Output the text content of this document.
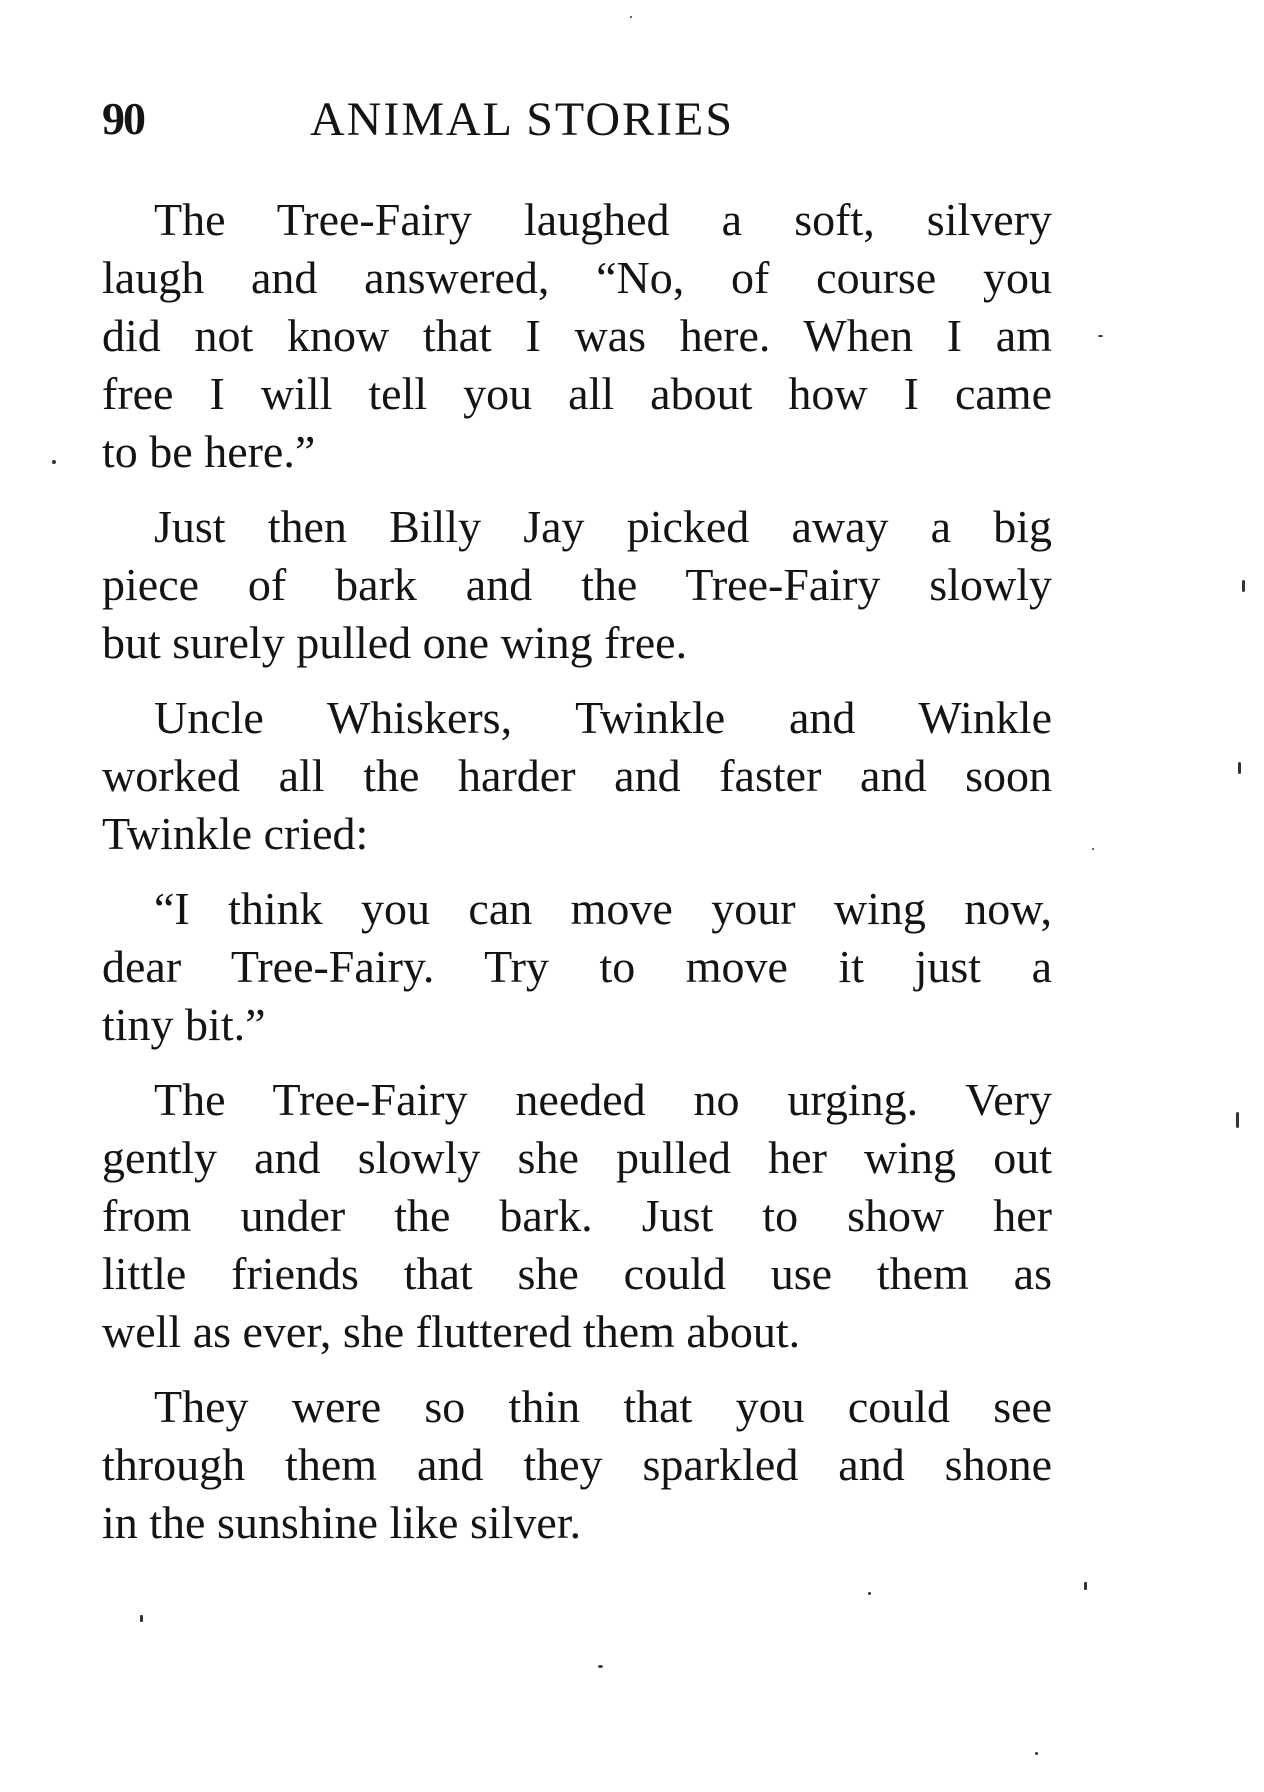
90	ANIMAL STORIES

The Tree-Fairy laughed a soft, silvery
laugh and answered, “No, of course you
did not know that I was here. When I am
free I will tell you all about how I came
to be here.”

Just then Billy Jay picked away a big
piece of bark and the Tree-Fairy slowly
but surely pulled one wing free.

Uncle Whiskers, Twinkle and Winkle
worked all the harder and faster and soon
Twinkle cried:

“I think you can move your wing now,
dear Tree-Fairy. Try to move it just a
tiny bit.”

The Tree-Fairy needed no urging. Very
gently and slowly she pulled her wing out
from under the bark. Just to show her
little friends that she could use them as
well as ever, she fluttered them about.

They were so thin that you could see
through them and they sparkled and shone
in the sunshine like silver.
